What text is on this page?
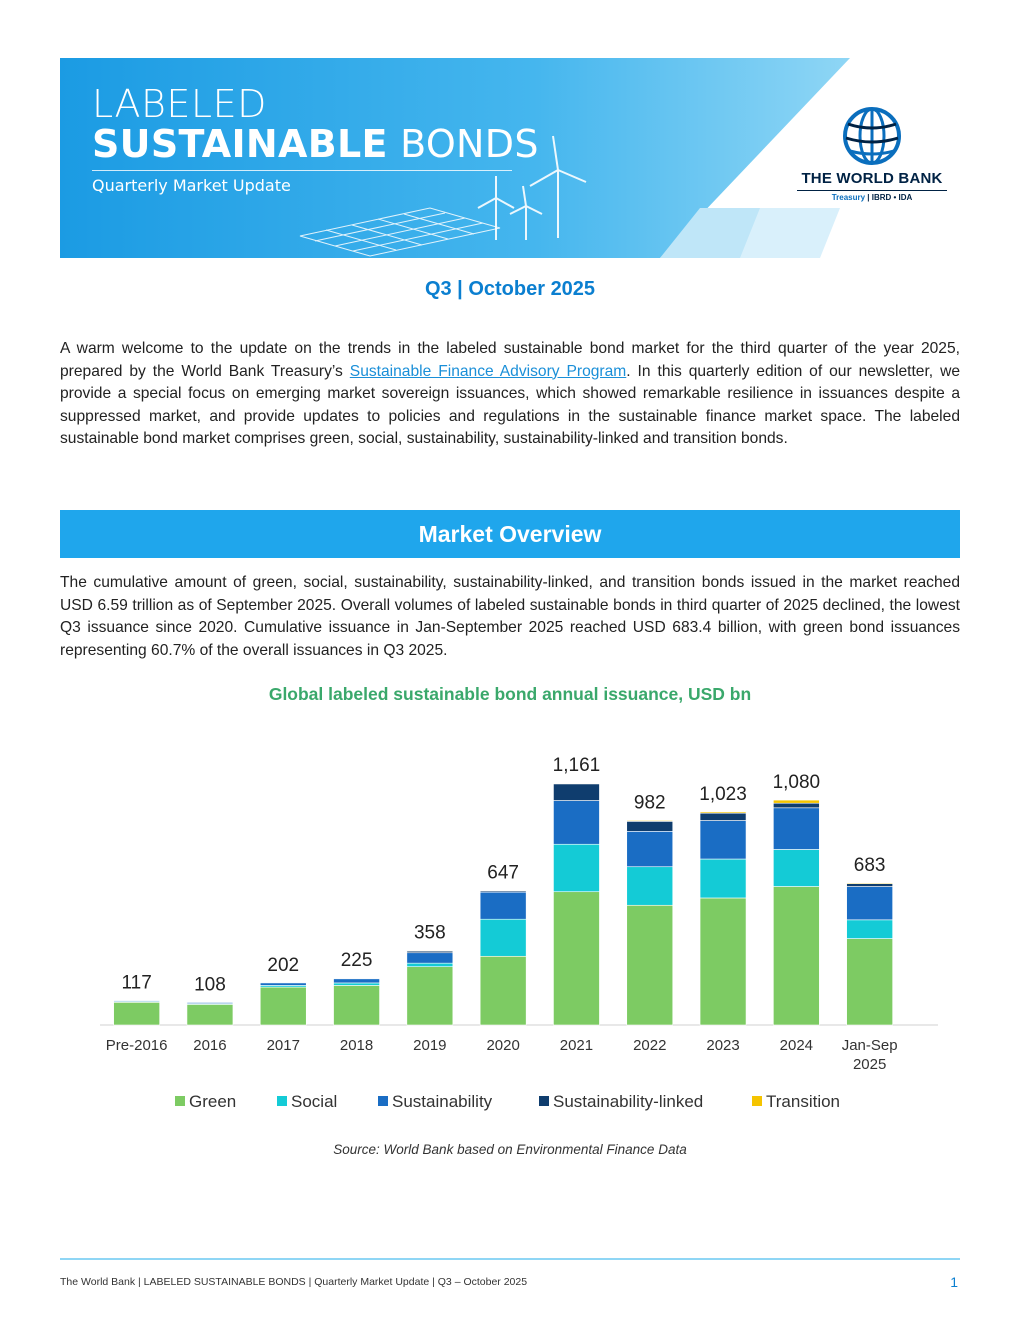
LABELED
SUSTAINABLE BONDS
Quarterly Market Update	THE WORLD BANK
Treasury | IBRD • IDA
Q3 | October 2025

A warm welcome to the update on the trends in the labeled sustainable bond market for the third quarter of the year 2025, prepared by the World Bank Treasury’s Sustainable Finance Advisory Program. In this quarterly edition of our newsletter, we provide a special focus on emerging market sovereign issuances, which showed remarkable resilience in issuances despite a suppressed market, and provide updates to policies and regulations in the sustainable finance market space. The labeled sustainable bond market comprises green, social, sustainability, sustainability-linked and transition bonds.

Market Overview

The cumulative amount of green, social, sustainability, sustainability-linked, and transition bonds issued in the market reached USD 6.59 trillion as of September 2025. Overall volumes of labeled sustainable bonds in third quarter of 2025 declined, the lowest Q3 issuance since 2020. Cumulative issuance in Jan-September 2025 reached USD 683.4 billion, with green bond issuances representing 60.7% of the overall issuances in Q3 2025.

Global labeled sustainable bond annual issuance, USD bn
117
Pre-2016
108
2016
202
2017
225
2018
358
2019
647
2020
1,161
2021
982
2022
1,023
2023
1,080
2024
683
Jan-Sep
2025
Green	Social	Sustainability	Sustainability-linked	Transition
Source: World Bank based on Environmental Finance Data
The World Bank | LABELED SUSTAINABLE BONDS | Quarterly Market Update | Q3 – October 2025	1
